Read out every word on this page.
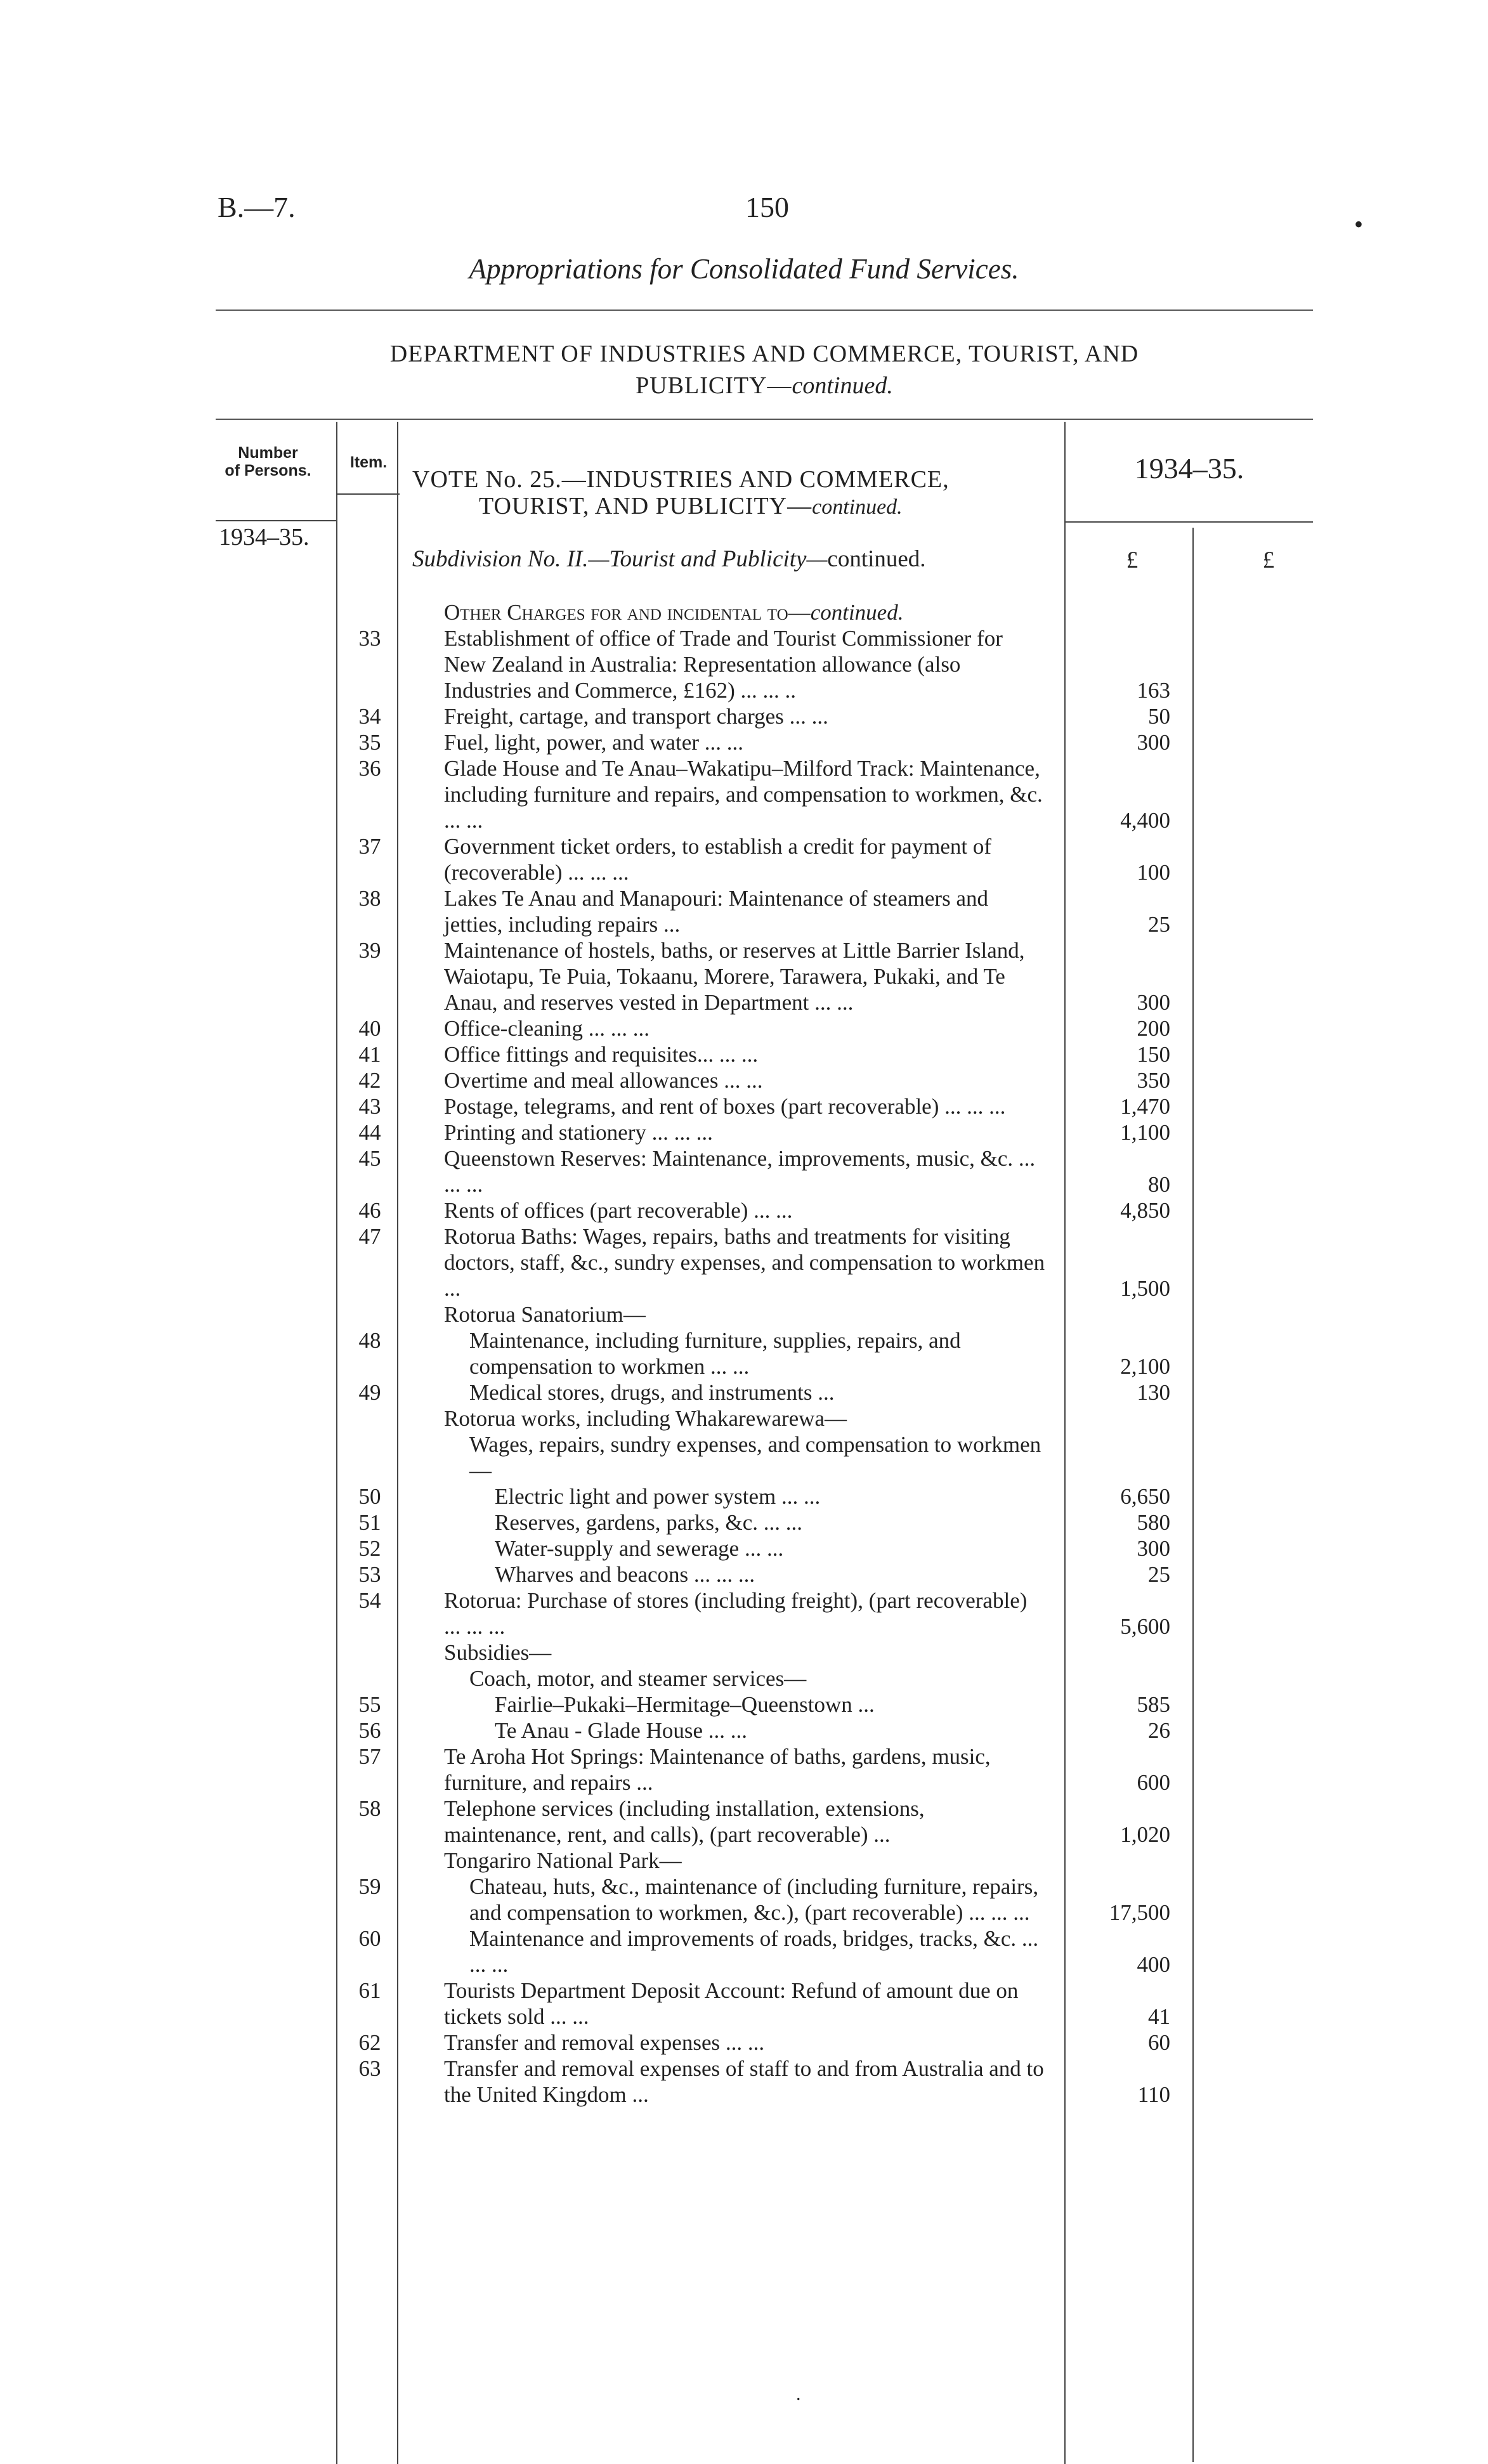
B.—7.	150
•
Appropriations for Consolidated Fund Services.
DEPARTMENT OF INDUSTRIES AND COMMERCE, TOURIST, AND
PUBLICITY—continued.
Number
of Persons.	Item.
VOTE No. 25.—INDUSTRIES AND COMMERCE,
TOURIST, AND PUBLICITY—continued.
1934–35.
1934–35.
Subdivision No. II.—Tourist and Publicity—continued.	£	£
Other Charges for and incidental to—continued.
33	Establishment of office of Trade and Tourist Commissioner for New Zealand in Australia: Representation allowance (also Industries and Commerce, £162) ... ... ..	163
34	Freight, cartage, and transport charges ... ...	50
35	Fuel, light, power, and water ... ...	300
36	Glade House and Te Anau–Wakatipu–Milford Track: Maintenance, including furniture and repairs, and compensation to workmen, &c. ... ...	4,400
37	Government ticket orders, to establish a credit for payment of (recoverable) ... ... ...	100
38	Lakes Te Anau and Manapouri: Maintenance of steamers and jetties, including repairs ...	25
39	Maintenance of hostels, baths, or reserves at Little Barrier Island, Waiotapu, Te Puia, Tokaanu, Morere, Tarawera, Pukaki, and Te Anau, and reserves vested in Department ... ...	300
40	Office-cleaning ... ... ...	200
41	Office fittings and requisites... ... ...	150
42	Overtime and meal allowances ... ...	350
43	Postage, telegrams, and rent of boxes (part recoverable) ... ... ...	1,470
44	Printing and stationery ... ... ...	1,100
45	Queenstown Reserves: Maintenance, improvements, music, &c. ... ... ...	80
46	Rents of offices (part recoverable) ... ...	4,850
47	Rotorua Baths: Wages, repairs, baths and treatments for visiting doctors, staff, &c., sundry expenses, and compensation to workmen ...	1,500
Rotorua Sanatorium—
48	Maintenance, including furniture, supplies, repairs, and compensation to workmen ... ...	2,100
49	Medical stores, drugs, and instruments ...	130
Rotorua works, including Whakarewarewa—
Wages, repairs, sundry expenses, and compensation to workmen—
50	Electric light and power system ... ...	6,650
51	Reserves, gardens, parks, &c. ... ...	580
52	Water-supply and sewerage ... ...	300
53	Wharves and beacons ... ... ...	25
54	Rotorua: Purchase of stores (including freight), (part recoverable) ... ... ...	5,600
Subsidies—
Coach, motor, and steamer services—
55	Fairlie–Pukaki–Hermitage–Queenstown ...	585
56	Te Anau - Glade House ... ...	26
57	Te Aroha Hot Springs: Maintenance of baths, gardens, music, furniture, and repairs ...	600
58	Telephone services (including installation, extensions, maintenance, rent, and calls), (part recoverable) ...	1,020
Tongariro National Park—
59	Chateau, huts, &c., maintenance of (including furniture, repairs, and compensation to workmen, &c.), (part recoverable) ... ... ...	17,500
60	Maintenance and improvements of roads, bridges, tracks, &c. ... ... ...	400
61	Tourists Department Deposit Account: Refund of amount due on tickets sold ... ...	41
62	Transfer and removal expenses ... ...	60
63	Transfer and removal expenses of staff to and from Australia and to the United Kingdom ...	110
.
